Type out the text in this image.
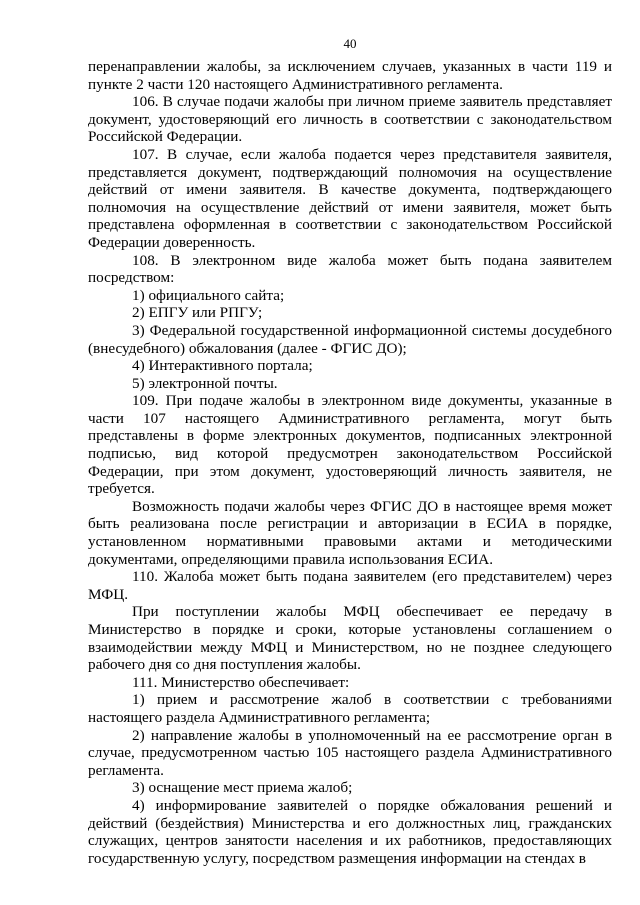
40

перенаправлении жалобы, за исключением случаев, указанных в части 119 и пункте 2 части 120 настоящего Административного регламента.

106. В случае подачи жалобы при личном приеме заявитель представляет документ, удостоверяющий его личность в соответствии с законодательством Российской Федерации.

107. В случае, если жалоба подается через представителя заявителя, представляется документ, подтверждающий полномочия на осуществление действий от имени заявителя. В качестве документа, подтверждающего полномочия на осуществление действий от имени заявителя, может быть представлена оформленная в соответствии с законодательством Российской Федерации доверенность.

108. В электронном виде жалоба может быть подана заявителем посредством:

1) официального сайта;

2) ЕПГУ или РПГУ;

3) Федеральной государственной информационной системы досудебного (внесудебного) обжалования (далее - ФГИС ДО);

4) Интерактивного портала;

5) электронной почты.

109. При подаче жалобы в электронном виде документы, указанные в части 107 настоящего Административного регламента, могут быть представлены в форме электронных документов, подписанных электронной подписью, вид которой предусмотрен законодательством Российской Федерации, при этом документ, удостоверяющий личность заявителя, не требуется.

Возможность подачи жалобы через ФГИС ДО в настоящее время может быть реализована после регистрации и авторизации в ЕСИА в порядке, установленном нормативными правовыми актами и методическими документами, определяющими правила использования ЕСИА.

110. Жалоба может быть подана заявителем (его представителем) через МФЦ.

При поступлении жалобы МФЦ обеспечивает ее передачу в Министерство в порядке и сроки, которые установлены соглашением о взаимодействии между МФЦ и Министерством, но не позднее следующего рабочего дня со дня поступления жалобы.

111. Министерство обеспечивает:

1) прием и рассмотрение жалоб в соответствии с требованиями настоящего раздела Административного регламента;

2) направление жалобы в уполномоченный на ее рассмотрение орган в случае, предусмотренном частью 105 настоящего раздела Административного регламента.

3) оснащение мест приема жалоб;

4) информирование заявителей о порядке обжалования решений и действий (бездействия) Министерства и его должностных лиц, гражданских служащих, центров занятости населения и их работников, предоставляющих государственную услугу, посредством размещения информации на стендах в
